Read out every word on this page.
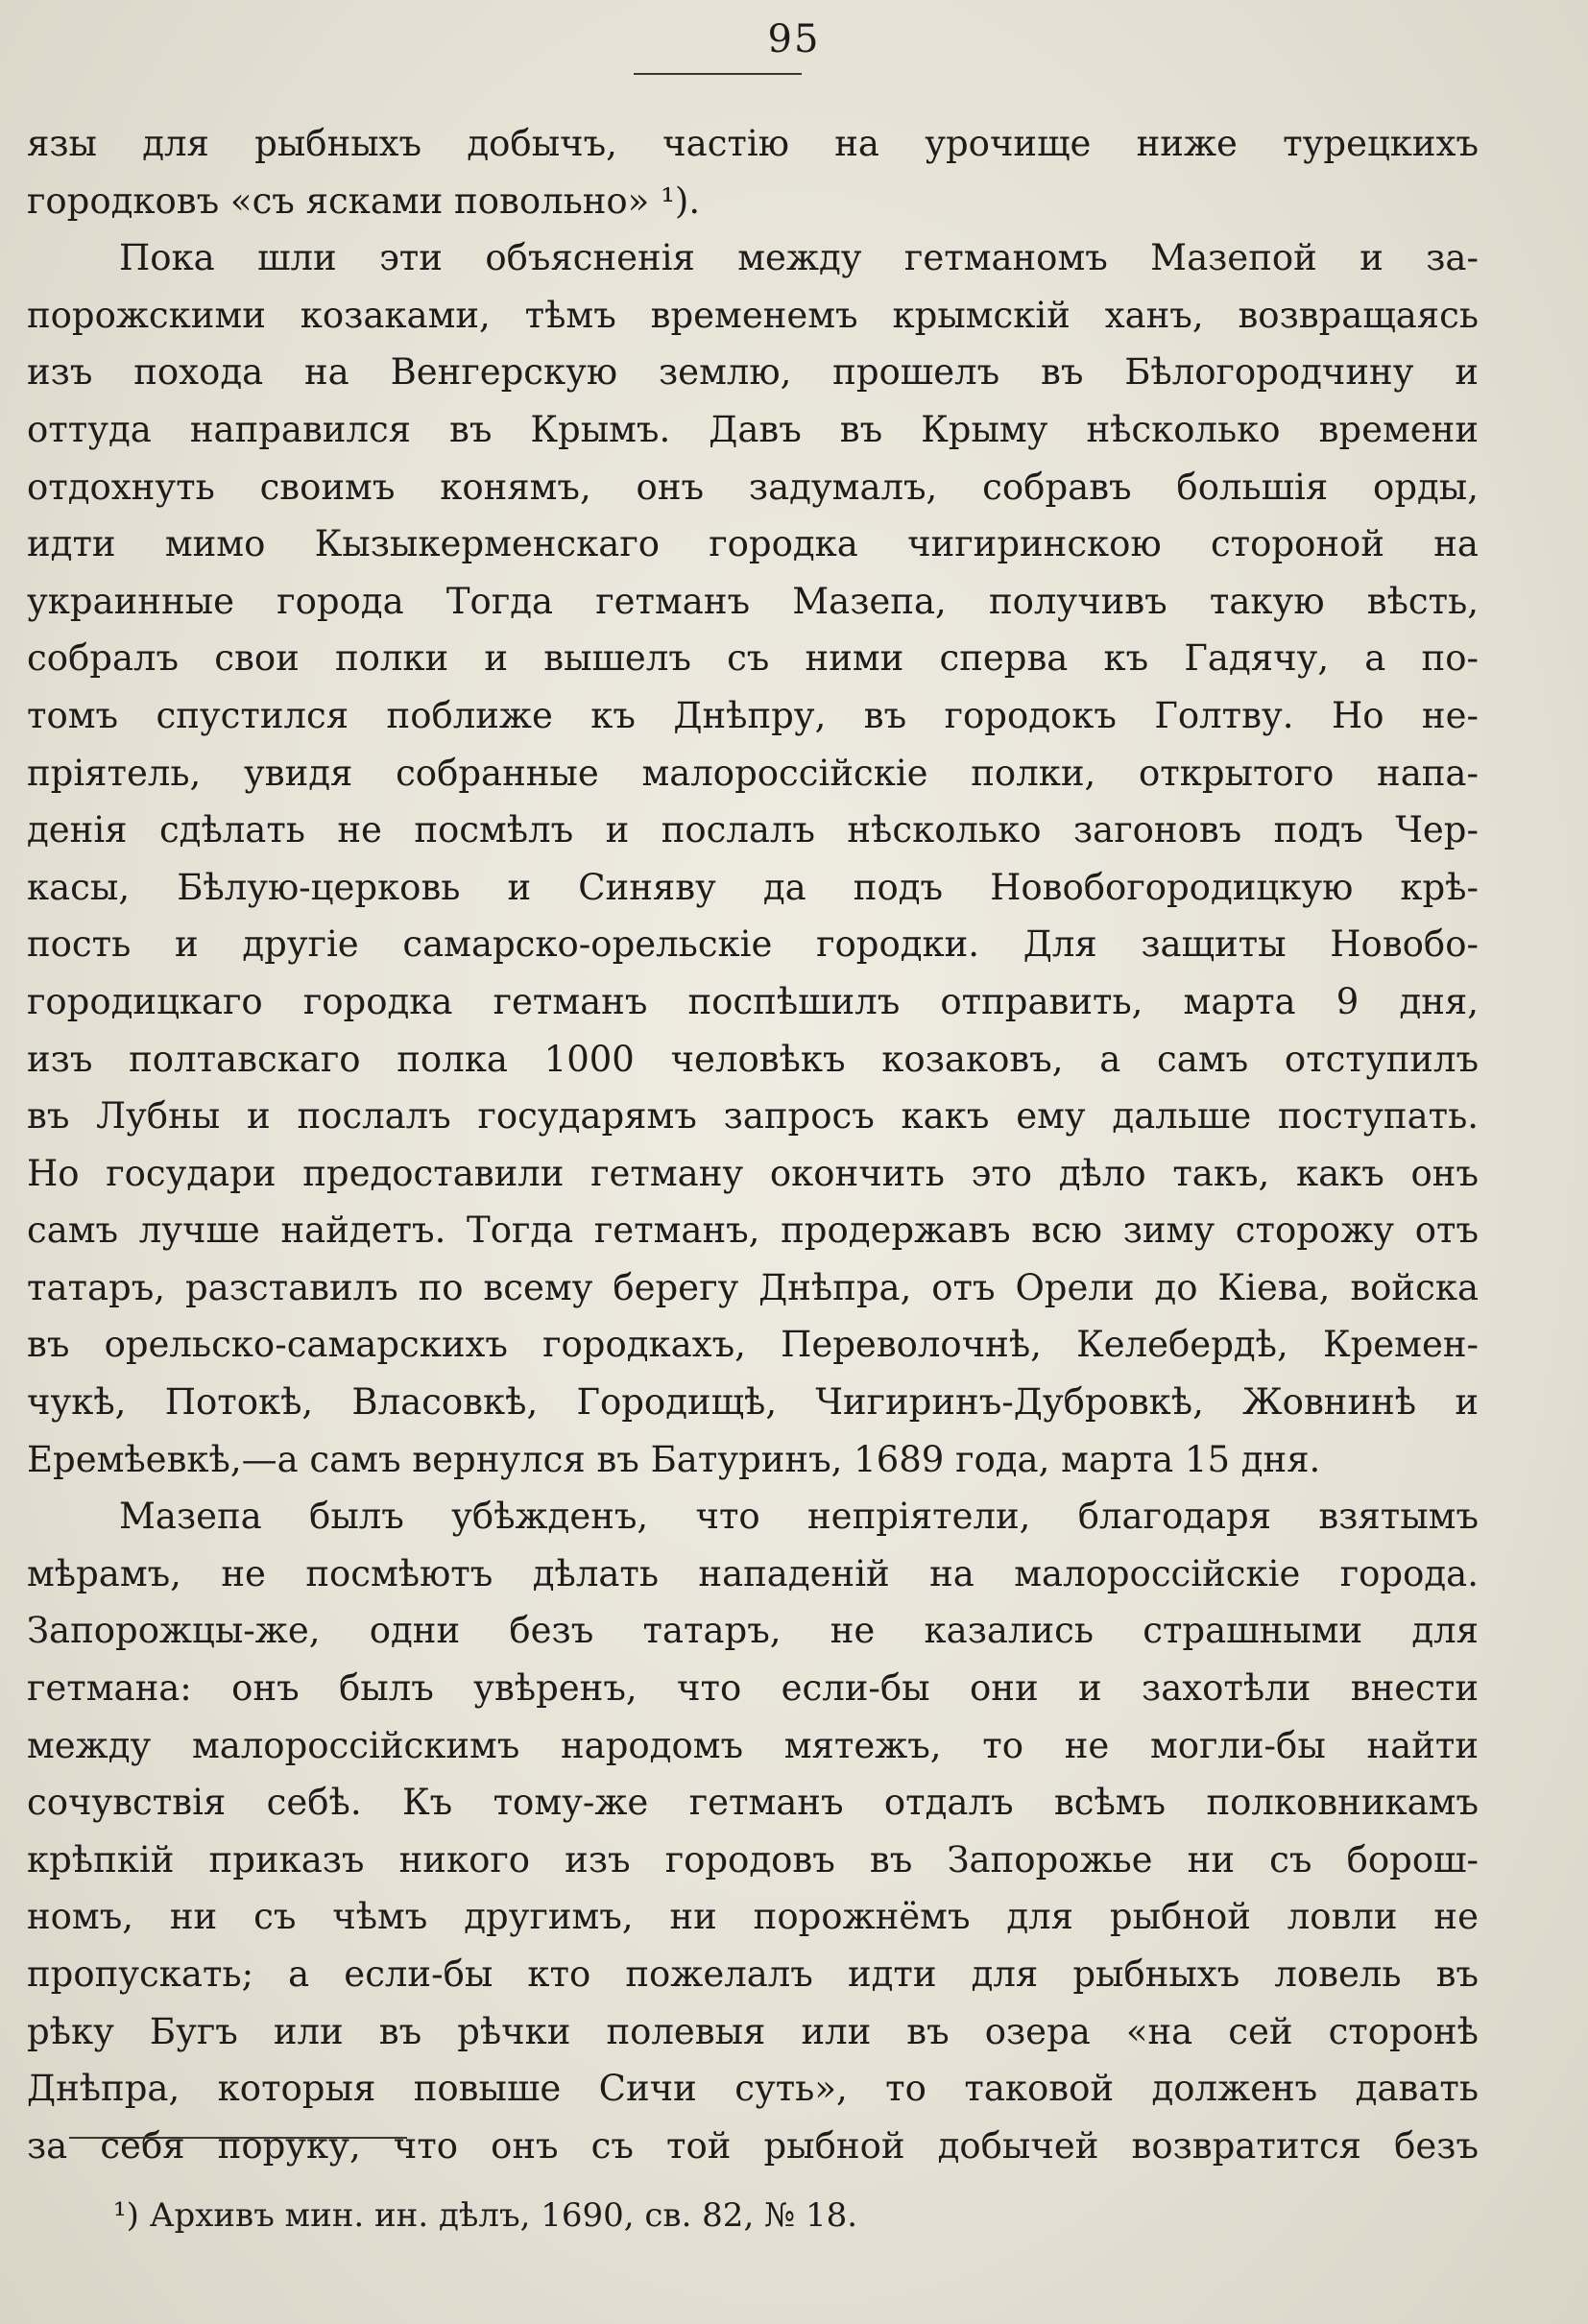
95
язы для рыбныхъ добычъ, частію на урочище ниже турецкихъ
городковъ «съ ясками повольно» ¹).
Пока шли эти объясненія между гетманомъ Мазепой и за-
порожскими козаками, тѣмъ временемъ крымскій ханъ, возвращаясь
изъ похода на Венгерскую землю, прошелъ въ Бѣлогородчину и
оттуда направился въ Крымъ. Давъ въ Крыму нѣсколько времени
отдохнуть своимъ конямъ, онъ задумалъ, собравъ большія орды,
идти мимо Кызыкерменскаго городка чигиринскою стороной на
украинные города Тогда гетманъ Мазепа, получивъ такую вѣсть,
собралъ свои полки и вышелъ съ ними сперва къ Гадячу, а по-
томъ спустился поближе къ Днѣпру, въ городокъ Голтву. Но не-
пріятель, увидя собранные малороссійскіе полки, открытого напа-
денія сдѣлать не посмѣлъ и послалъ нѣсколько загоновъ подъ Чер-
касы, Бѣлую-церковь и Синяву да подъ Новобогородицкую крѣ-
пость и другіе самарско-орельскіе городки. Для защиты Новобо-
городицкаго городка гетманъ поспѣшилъ отправить, марта 9 дня,
изъ полтавскаго полка 1000 человѣкъ козаковъ, а самъ отступилъ
въ Лубны и послалъ государямъ запросъ какъ ему дальше поступать.
Но государи предоставили гетману окончить это дѣло такъ, какъ онъ
самъ лучше найдетъ. Тогда гетманъ, продержавъ всю зиму сторожу отъ
татаръ, разставилъ по всему берегу Днѣпра, отъ Орели до Кіева, войска
въ орельско-самарскихъ городкахъ, Переволочнѣ, Келебердѣ, Кремен-
чукѣ, Потокѣ, Власовкѣ, Городищѣ, Чигиринъ-Дубровкѣ, Жовнинѣ и
Еремѣевкѣ,—а самъ вернулся въ Батуринъ, 1689 года, марта 15 дня.
Мазепа былъ убѣжденъ, что непріятели, благодаря взятымъ
мѣрамъ, не посмѣютъ дѣлать нападеній на малороссійскіе города.
Запорожцы-же, одни безъ татаръ, не казались страшными для
гетмана: онъ былъ увѣренъ, что если-бы они и захотѣли внести
между малороссійскимъ народомъ мятежъ, то не могли-бы найти
сочувствія себѣ. Къ тому-же гетманъ отдалъ всѣмъ полковникамъ
крѣпкій приказъ никого изъ городовъ въ Запорожье ни съ борош-
номъ, ни съ чѣмъ другимъ, ни порожнёмъ для рыбной ловли не
пропускать; а если-бы кто пожелалъ идти для рыбныхъ ловель въ
рѣку Бугъ или въ рѣчки полевыя или въ озера «на сей сторонѣ
Днѣпра, которыя повыше Сичи суть», то таковой долженъ давать
за себя поруку, что онъ съ той рыбной добычей возвратится безъ
¹) Архивъ мин. ин. дѣлъ, 1690, св. 82, № 18.
